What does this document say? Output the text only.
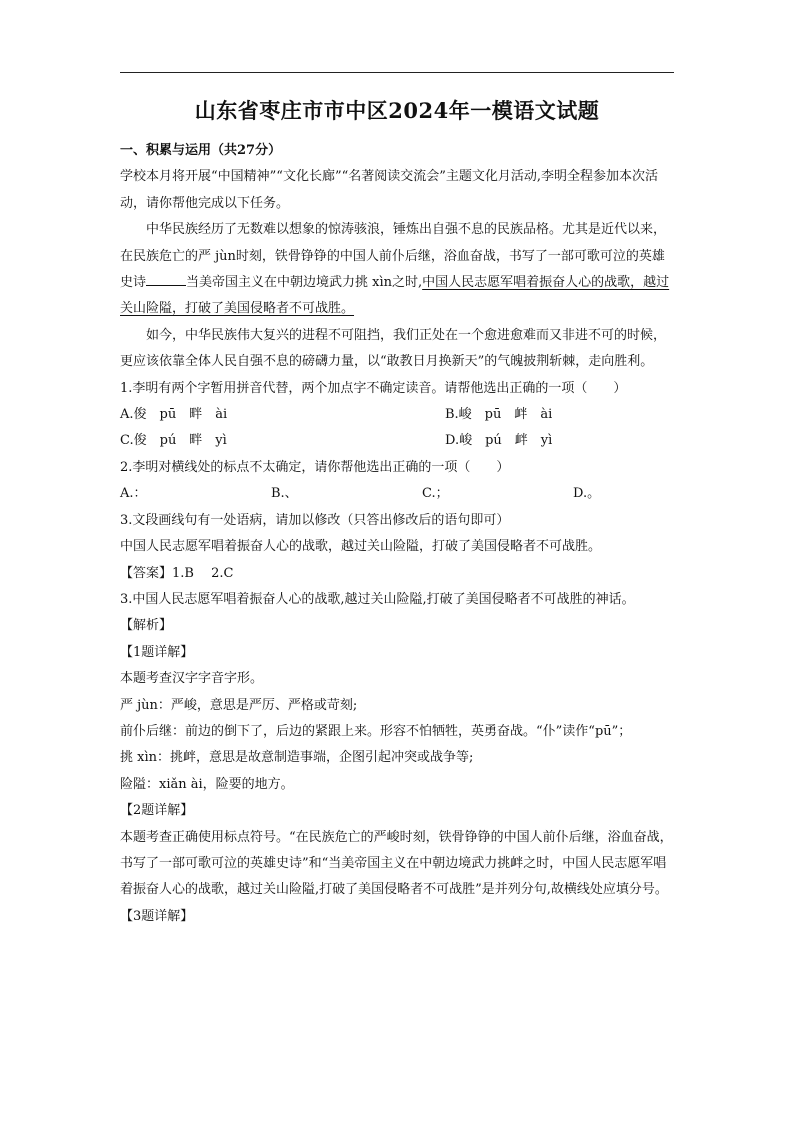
山东省枣庄市市中区2024年一模语文试题
一、积累与运用（共27分）

学校本月将开展“中国精神”“文化长廊”“名著阅读交流会”主题文化月活动,李明全程参加本次活动，请你帮他完成以下任务。

中华民族经历了无数难以想象的惊涛骇浪，锤炼出自强不息的民族品格。尤其是近代以来，在民族危亡的严 jùn时刻，铁骨铮铮的中国人前仆后继，浴血奋战，书写了一部可歌可泣的英雄史诗	当美帝国主义在中朝边境武力挑 xìn之时,中国人民志愿军唱着振奋人心的战歌，越过关山险隘，打破了美国侵略者不可战胜。

如今，中华民族伟大复兴的进程不可阻挡，我们正处在一个愈进愈难而又非进不可的时候，更应该依靠全体人民自强不息的磅礴力量，以“敢教日月换新天”的气魄披荆斩棘，走向胜利。

1.李明有两个字暂用拼音代替，两个加点字不确定读音。请帮他选出正确的一项（　　）
A.俊　pū　畔　ài	B.峻　pū　衅　ài
C.俊　pú　畔　yì	D.峻　pú　衅　yì
2.李明对横线处的标点不太确定，请你帮他选出正确的一项（　　）
A.：	B.、	C.；	D.。
3.文段画线句有一处语病，请加以修改（只答出修改后的语句即可）
中国人民志愿军唱着振奋人心的战歌，越过关山险隘，打破了美国侵略者不可战胜。
【答案】1.B　 2.C
3.中国人民志愿军唱着振奋人心的战歌,越过关山险隘,打破了美国侵略者不可战胜的神话。
【解析】
【1题详解】
本题考查汉字字音字形。
严 jùn：严峻，意思是严厉、严格或苛刻;
前仆后继：前边的倒下了，后边的紧跟上来。形容不怕牺牲，英勇奋战。“仆”读作“pū”；
挑 xìn：挑衅，意思是故意制造事端，企图引起冲突或战争等;
险隘：xiǎn ài，险要的地方。
【2题详解】

本题考查正确使用标点符号。“在民族危亡的严峻时刻，铁骨铮铮的中国人前仆后继，浴血奋战，书写了一部可歌可泣的英雄史诗”和“当美帝国主义在中朝边境武力挑衅之时，中国人民志愿军唱着振奋人心的战歌，越过关山险隘,打破了美国侵略者不可战胜”是并列分句,故横线处应填分号。

【3题详解】
